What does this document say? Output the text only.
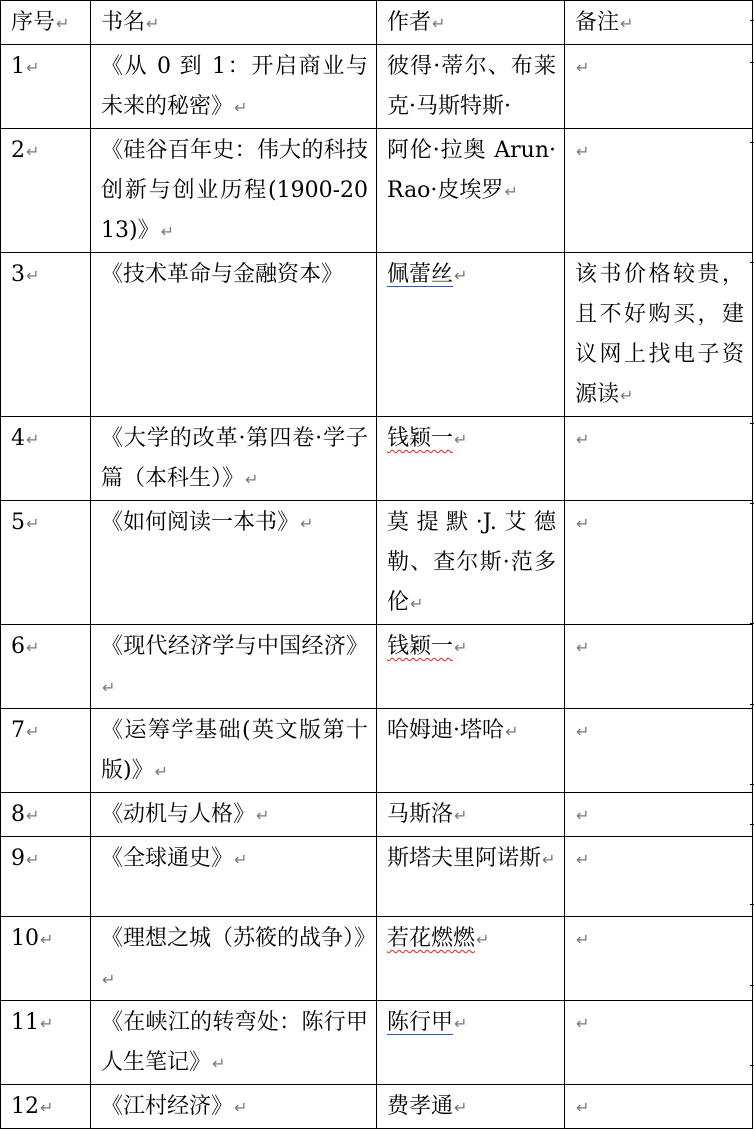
序号↵	书名↵	作者↵	备注↵
1↵	《从 0 到 1：开启商业与未来的秘密》↵	彼得·蒂尔、布莱克·马斯特斯·	↵
2↵	《硅谷百年史：伟大的科技创新与创业历程(1900-2013)》↵	阿伦·拉奥 Arun·Rao·皮埃罗↵	↵
3↵	《技术革命与金融资本》	佩蕾丝↵	该书价格较贵，且不好购买，建议网上找电子资源读↵
4↵	《大学的改革·第四卷·学子篇（本科生）》↵	钱颖一↵	↵
5↵	《如何阅读一本书》↵	莫提默·J.艾德勒、查尔斯·范多伦↵	↵
6↵	《现代经济学与中国经济》↵	钱颖一↵	↵
7↵	《运筹学基础(英文版第十版)》↵	哈姆迪·塔哈↵	↵
8↵	《动机与人格》↵	马斯洛↵	↵
9↵	《全球通史》↵	斯塔夫里阿诺斯↵	↵
10↵	《理想之城（苏筱的战争）》↵	若花燃燃↵	↵
11↵	《在峡江的转弯处：陈行甲人生笔记》↵	陈行甲↵	↵
12↵	《江村经济》↵	费孝通↵	↵
